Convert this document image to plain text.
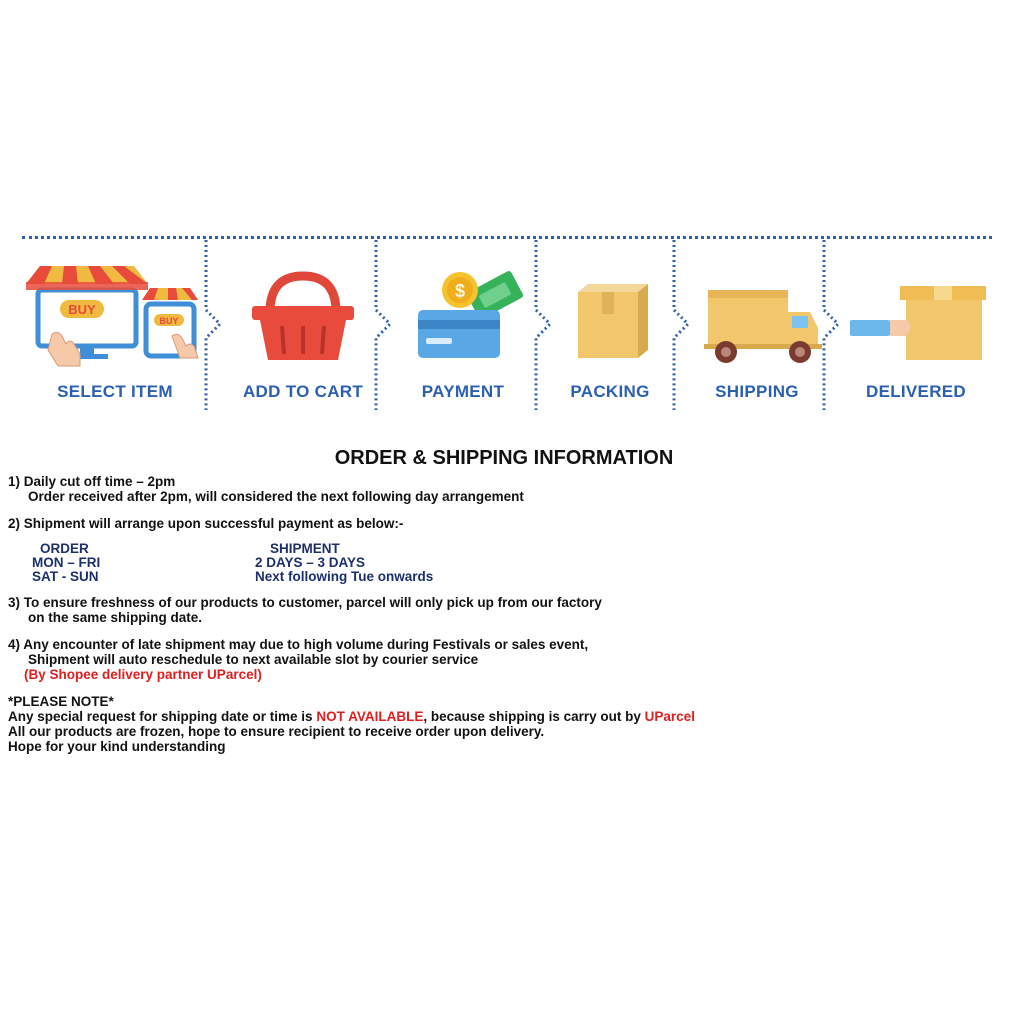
BUY
BUY
SELECT ITEM	ADD TO CART
$
PAYMENT	PACKING	SHIPPING	DELIVERED
ORDER & SHIPPING INFORMATION

1) Daily cut off time – 2pm

Order received after 2pm, will considered the next following day arrangement

2) Shipment will arrange upon successful payment as below:-

ORDER	SHIPMENT
MON – FRI	2 DAYS – 3 DAYS
SAT - SUN	Next following Tue onwards

3) To ensure freshness of our products to customer, parcel will only pick up from our factory

on the same shipping date.

4) Any encounter of late shipment may due to high volume during Festivals or sales event,

Shipment will auto reschedule to next available slot by courier service

(By Shopee delivery partner UParcel)

*PLEASE NOTE*

Any special request for shipping date or time is NOT AVAILABLE, because shipping is carry out by UParcel

All our products are frozen, hope to ensure recipient to receive order upon delivery.

Hope for your kind understanding
